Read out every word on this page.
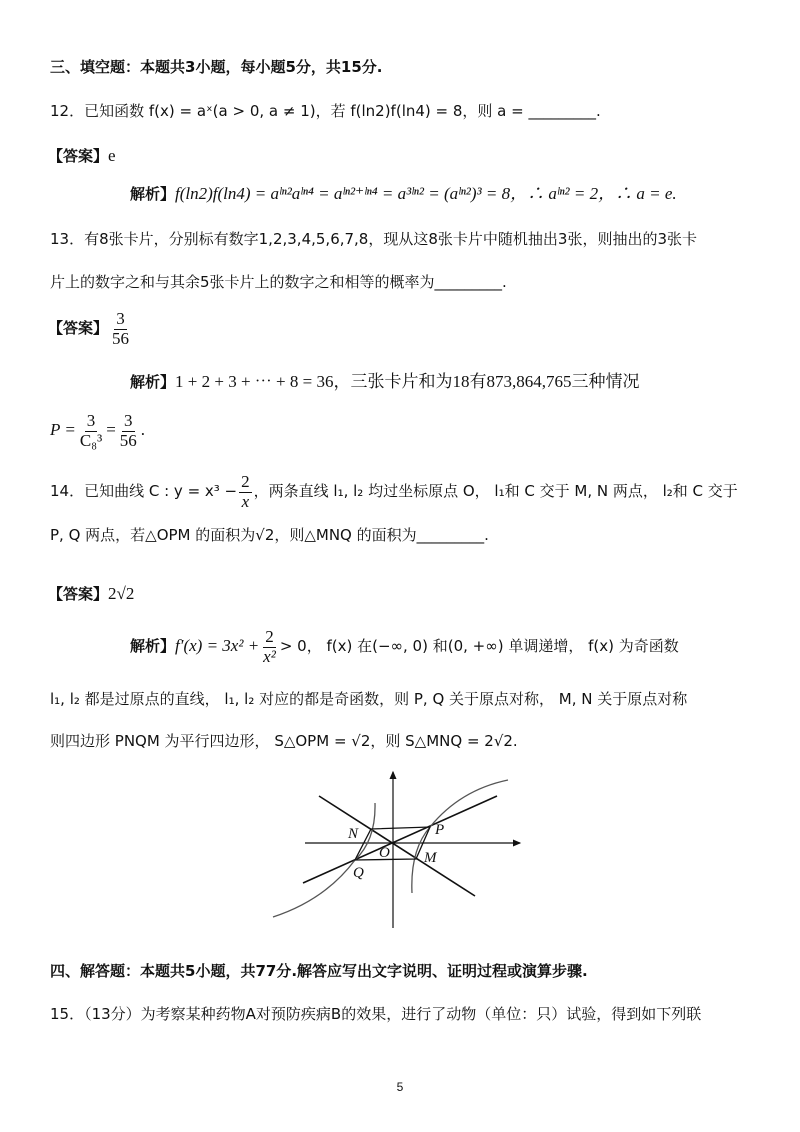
三、填空题：本题共3小题，每小题5分，共15分.
12．已知函数 f(x) = aˣ(a > 0, a ≠ 1)，若 f(ln2)f(ln4) = 8，则 a = _________.
【答案】e
解析】f(ln2)f(ln4) = aˡⁿ²aˡⁿ⁴ = aˡⁿ²⁺ˡⁿ⁴ = a³ˡⁿ² = (aˡⁿ²)³ = 8，∴ aˡⁿ² = 2，∴ a = e.
13．有8张卡片，分别标有数字1,2,3,4,5,6,7,8，现从这8张卡片中随机抽出3张，则抽出的3张卡
片上的数字之和与其余5张卡片上的数字之和相等的概率为_________.
【答案】 $\frac{3}{56}$
解析】1 + 2 + 3 + ⋯ + 8 = 36，三张卡片和为18有873,864,765三种情况
$P = \frac{3}{\text{C₈³}} = \frac{3}{56}$ .
14．已知曲线 C : $y = x^3 - \frac{2}{x}$ ，两条直线 l₁, l₂ 均过坐标原点 O， l₁和 C 交于 M, N 两点， l₂和 C 交于
P, Q 两点，若△OPM 的面积为√2，则△MNQ 的面积为_________.
【答案】2√2
解析】$f'(x) = 3x^2 + \frac{2}{\text{x²}} > 0$， f(x) 在(−∞, 0) 和(0, +∞) 单调递增， f(x) 为奇函数
l₁, l₂ 都是过原点的直线， l₁, l₂ 对应的都是奇函数，则 P, Q 关于原点对称， M, N 关于原点对称
则四边形 PNQM 为平行四边形， S△OPM = √2，则 S△MNQ = 2√2.
N	P
O M
Q
四、解答题：本题共5小题，共77分.解答应写出文字说明、证明过程或演算步骤.
15．（13分）为考察某种药物A对预防疾病B的效果，进行了动物（单位：只）试验，得到如下列联
5
